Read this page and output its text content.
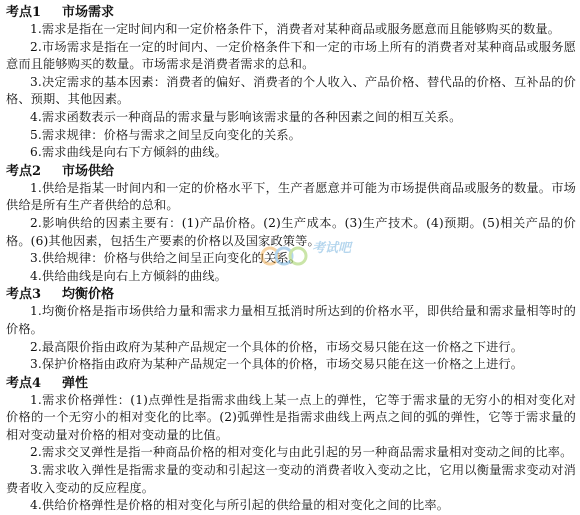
考点1 市场需求

1.需求是指在一定时间内和一定价格条件下，消费者对某种商品或服务愿意而且能够购买的数量。

2.市场需求是指在一定的时间内、一定价格条件下和一定的市场上所有的消费者对某种商品或服务愿意而且能够购买的数量。市场需求是消费者需求的总和。

3.决定需求的基本因素：消费者的偏好、消费者的个人收入、产品价格、替代品的价格、互补品的价格、预期、其他因素。

4.需求函数表示一种商品的需求量与影响该需求量的各种因素之间的相互关系。

5.需求规律：价格与需求之间呈反向变化的关系。

6.需求曲线是向右下方倾斜的曲线。

考点2 市场供给

1.供给是指某一时间内和一定的价格水平下，生产者愿意并可能为市场提供商品或服务的数量。市场供给是所有生产者供给的总和。

2.影响供给的因素主要有：(1)产品价格。(2)生产成本。(3)生产技术。(4)预期。(5)相关产品的价格。(6)其他因素，包括生产要素的价格以及国家政策等。

3.供给规律：价格与供给之间呈正向变化的关系。

4.供给曲线是向右上方倾斜的曲线。

考点3 均衡价格

1.均衡价格是指市场供给力量和需求力量相互抵消时所达到的价格水平，即供给量和需求量相等时的价格。

2.最高限价指由政府为某种产品规定一个具体的价格，市场交易只能在这一价格之下进行。

3.保护价格指由政府为某种产品规定一个具体的价格，市场交易只能在这一价格之上进行。

考点4 弹性

1.需求价格弹性：(1)点弹性是指需求曲线上某一点上的弹性，它等于需求量的无穷小的相对变化对价格的一个无穷小的相对变化的比率。(2)弧弹性是指需求曲线上两点之间的弧的弹性，它等于需求量的相对变动量对价格的相对变动量的比值。

2.需求交叉弹性是指一种商品价格的相对变化与由此引起的另一种商品需求量相对变动之间的比率。

3.需求收入弹性是指需求量的变动和引起这一变动的消费者收入变动之比，它用以衡量需求变动对消费者收入变动的反应程度。

4.供给价格弹性是价格的相对变化与所引起的供给量的相对变化之间的比率。

考试吧
